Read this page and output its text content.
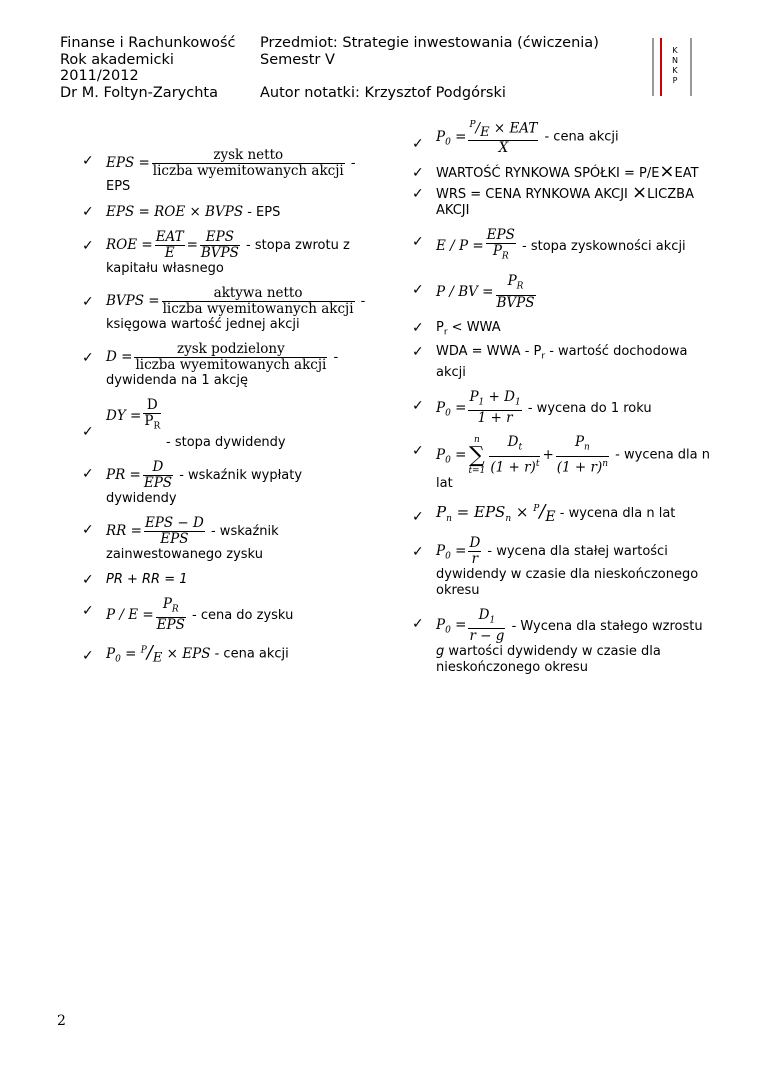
Finanse i Rachunkowość
Rok akademicki
2011/2012
Dr M. Foltyn-Zarychta
Przedmiot: Strategie inwestowania (ćwiczenia)
Semestr V
Autor notatki: Krzysztof Podgórski
K
N
K
P
✓ EPS = $\frac{\text{zysk netto}}{\text{liczba wyemitowanych akcji}}$ - EPS
✓ EPS = ROE × BVPS - EPS
✓ ROE = $\frac{\text{EAT}}{E} = \frac{\text{EPS}}{\text{BVPS}}$ - stopa zwrotu z kapitału własnego
✓ BVPS = $\frac{\text{aktywa netto}}{\text{liczba wyemitowanych akcji}}$ - księgowa wartość jednej akcji
✓ $D = \frac{\text{zysk podzielony}}{\text{liczba wyemitowanych akcji}}$ - dywidenda na 1 akcję
✓
DY = $\frac{D}{P_R}$
- stopa dywidendy
✓ PR = $\frac{D}{\text{EPS}}$ - wskaźnik wypłaty dywidendy
✓ RR = $\frac{\text{EPS − D}}{\text{EPS}}$ - wskaźnik zainwestowanego zysku
✓ PR + RR = 1
✓ $P / E = \frac{P_R}{\text{EPS}}$ - cena do zysku
✓ $P_0 = ^P/_E$ × EPS - cena akcji
✓ $P_0 = \frac{^P/_E \times EAT}{X}$ - cena akcji
✓ WARTOŚĆ RYNKOWA SPÓŁKI = P/E×EAT
✓ WRS = CENA RYNKOWA AKCJI ×LICZBA AKCJI
✓ $E / P = \frac{\text{EPS}}{P_R}$ - stopa zyskowności akcji
✓ P / BV = $\frac{P_R}{\text{BVPS}}$
✓ $P_r$ < WWA
✓ WDA = WWA - $P_r$ - wartość dochodowa akcji
✓ $P_0 = \frac{P_1 + D_1}{1 + r}$ - wycena do 1 roku
✓ $P_0$ =
n
∑
$t=1 \frac{D_t}{(1 + r)^t} + \frac{P_n}{(1 + r)^n}$ - wycena dla n lat
✓ $P_n = EPS_n \times ^P/_E$ - wycena dla n lat
✓ $P_0 = \frac{D}{r}$ - wycena dla stałej wartości dywidendy w czasie dla nieskończonego okresu
✓ $P_0 = \frac{D_1}{r - g}$ - Wycena dla stałego wzrostu g wartości dywidendy w czasie dla nieskończonego okresu
2
